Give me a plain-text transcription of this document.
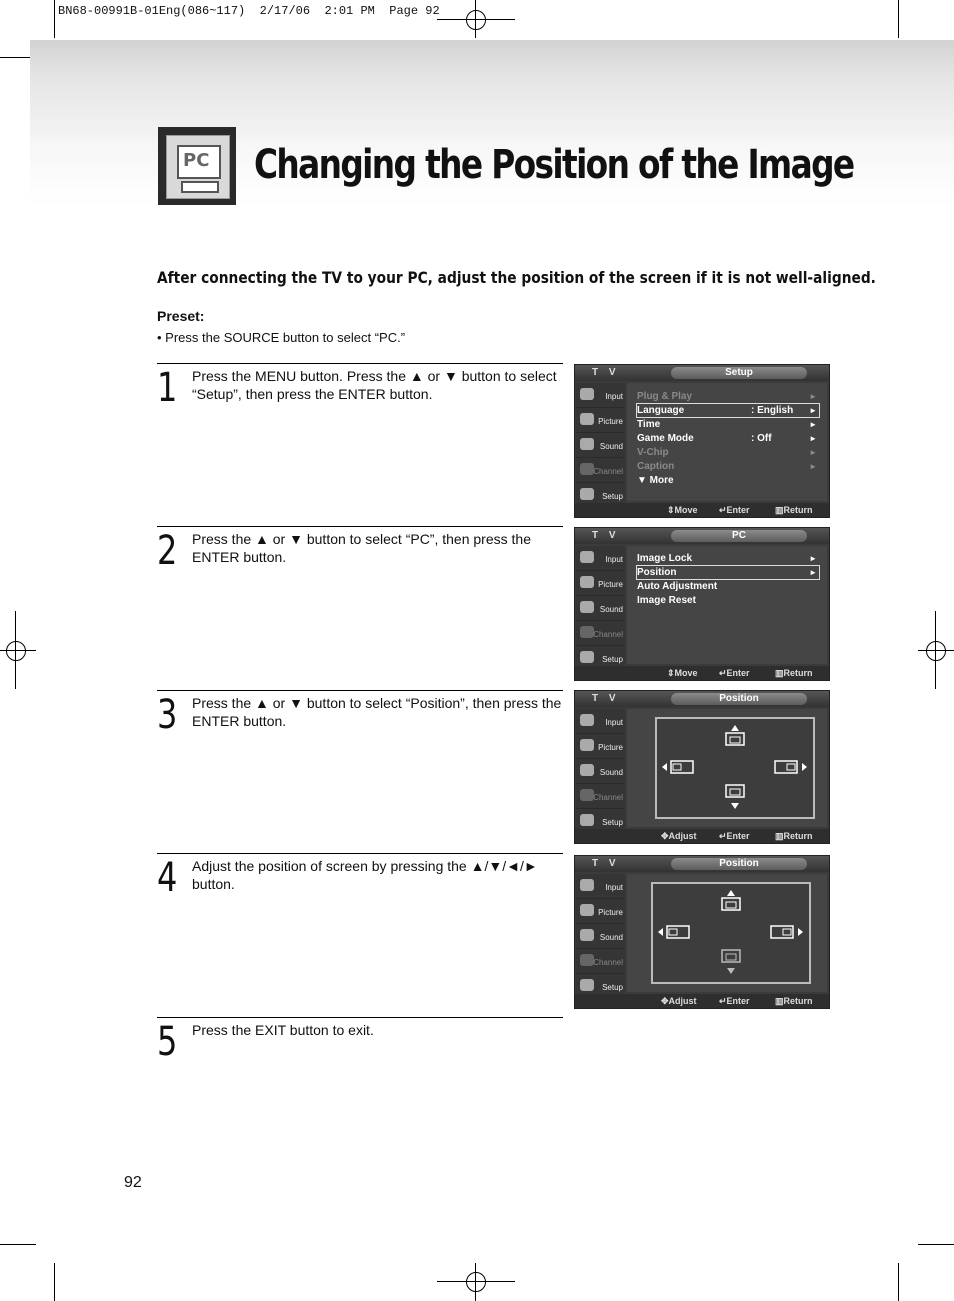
BN68-00991B-01Eng(086~117)  2/17/06  2:01 PM  Page 92
PC Changing the Position of the Image
After connecting the TV to your PC, adjust the position of the screen if it is not well-aligned.
Preset:
• Press the SOURCE button to select “PC.”
1 Press the MENU button. Press the ▲ or ▼ button to select “Setup”, then press the ENTER button.
2 Press the ▲ or ▼ button to select “PC”, then press the ENTER button.
3 Press the ▲ or ▼ button to select “Position”, then press the ENTER button.
4 Adjust the position of screen by pressing the ▲/▼/◄/► button.
5 Press the EXIT button to exit.
T V	Setup
Input
Picture
Sound
Channel
Setup
Plug & Play	►
Language	: English ►
Time	►
Game Mode	: Off	►
V-Chip	►
Caption	►
▼ More
⇕ Move ↵ Enter	▥ Return
T V	PC
Input
Picture
Sound
Channel
Setup
Image Lock	►
Position	►
Auto Adjustment
Image Reset
⇕ Move ↵ Enter	▥ Return
T V	Position
Input
Picture
Sound
Channel
Setup
✥ Adjust ↵ Enter	▥ Return
T V	Position
Input
Picture
Sound
Channel
Setup
✥ Adjust ↵ Enter	▥ Return
92
